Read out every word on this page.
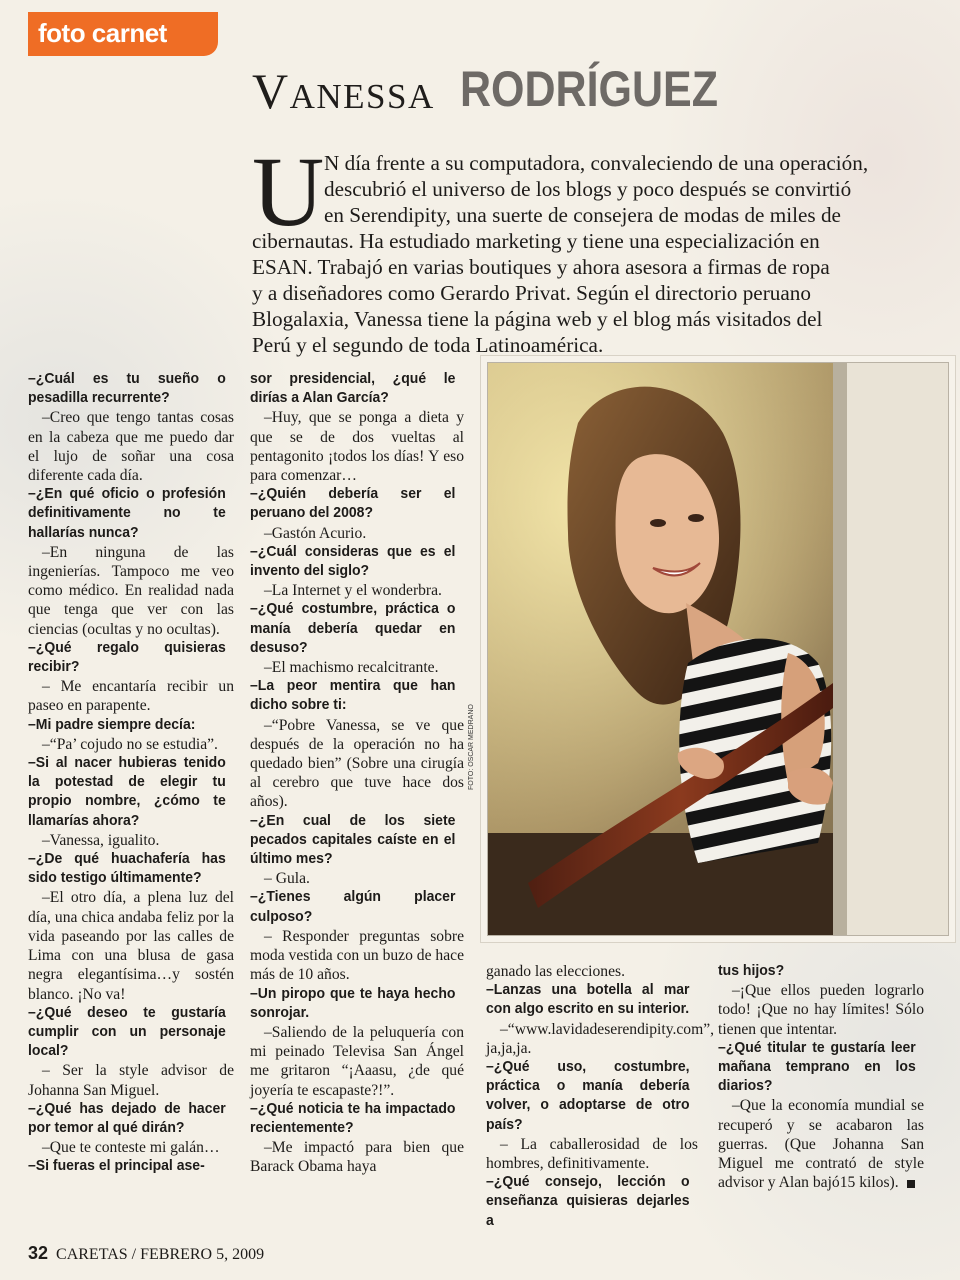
foto carnet
Vanessa RODRÍGUEZ
U N día frente a su computadora, convaleciendo de una operación,
descubrió el universo de los blogs y poco después se convirtió
en Serendipity, una suerte de consejera de modas de miles de
cibernautas. Ha estudiado marketing y tiene una especialización en
ESAN. Trabajó en varias boutiques y ahora asesora a firmas de ropa
y a diseñadores como Gerardo Privat. Según el directorio peruano
Blogalaxia, Vanessa tiene la página web y el blog más visitados del
Perú y el segundo de toda Latinoamérica.
FOTO: OSCAR MEDRANO

–¿Cuál es tu sueño o pesadilla recurrente?

–Creo que tengo tantas cosas en la cabeza que me puedo dar el lujo de soñar una cosa diferente cada día.

–¿En qué oficio o profesión definitivamente no te hallarías nunca?

–En ninguna de las ingenierías. Tampoco me veo como médico. En realidad nada que tenga que ver con las ciencias (ocultas y no ocultas).

–¿Qué regalo quisieras recibir?

– Me encantaría recibir un paseo en parapente.

–Mi padre siempre decía:

–“Pa’ cojudo no se estudia”.

–Si al nacer hubieras tenido la potestad de elegir tu propio nombre, ¿cómo te llamarías ahora?

–Vanessa, igualito.

–¿De qué huachafería has sido testigo últimamente?

–El otro día, a plena luz del día, una chica andaba feliz por la vida paseando por las calles de Lima con una blusa de gasa negra elegantísima…y sostén blanco. ¡No va!

–¿Qué deseo te gustaría cumplir con un personaje local?

– Ser la style advisor de Johanna San Miguel.

–¿Qué has dejado de hacer por temor al qué dirán?

–Que te conteste mi galán…

–Si fueras el principal ase-

sor presidencial, ¿qué le dirías a Alan García?

–Huy, que se ponga a dieta y que se de dos vueltas al pentagonito ¡todos los días! Y eso para comenzar…

–¿Quién debería ser el peruano del 2008?

–Gastón Acurio.

–¿Cuál consideras que es el invento del siglo?

–La Internet y el wonderbra.

–¿Qué costumbre, práctica o manía debería quedar en desuso?

–El machismo recalcitrante.

–La peor mentira que han dicho sobre ti:

–“Pobre Vanessa, se ve que después de la operación no ha quedado bien” (Sobre una cirugía al cerebro que tuve hace dos años).

–¿En cual de los siete pecados capitales caíste en el último mes?

– Gula.

–¿Tienes algún placer culposo?

– Responder preguntas sobre moda vestida con un buzo de hace más de 10 años.

–Un piropo que te haya hecho sonrojar.

–Saliendo de la peluquería con mi peinado Televisa San Ángel me gritaron “¡Aaasu, ¿de qué joyería te escapaste?!”.

–¿Qué noticia te ha impactado recientemente?

–Me impactó para bien que Barack Obama haya

ganado las elecciones.

–Lanzas una botella al mar con algo escrito en su interior.

–“www.lavidadeserendipity.com”, ja,ja,ja.

–¿Qué uso, costumbre, práctica o manía debería volver, o adoptarse de otro país?

– La caballerosidad de los hombres, definitivamente.

–¿Qué consejo, lección o enseñanza quisieras dejarles a

tus hijos?

–¡Que ellos pueden lograrlo todo! ¡Que no hay límites! Sólo tienen que intentar.

–¿Qué titular te gustaría leer mañana temprano en los diarios?

–Que la economía mundial se recuperó y se acabaron las guerras. (Que Johanna San Miguel me contrató de style advisor y Alan bajó15 kilos).

32 CARETAS / FEBRERO 5, 2009
